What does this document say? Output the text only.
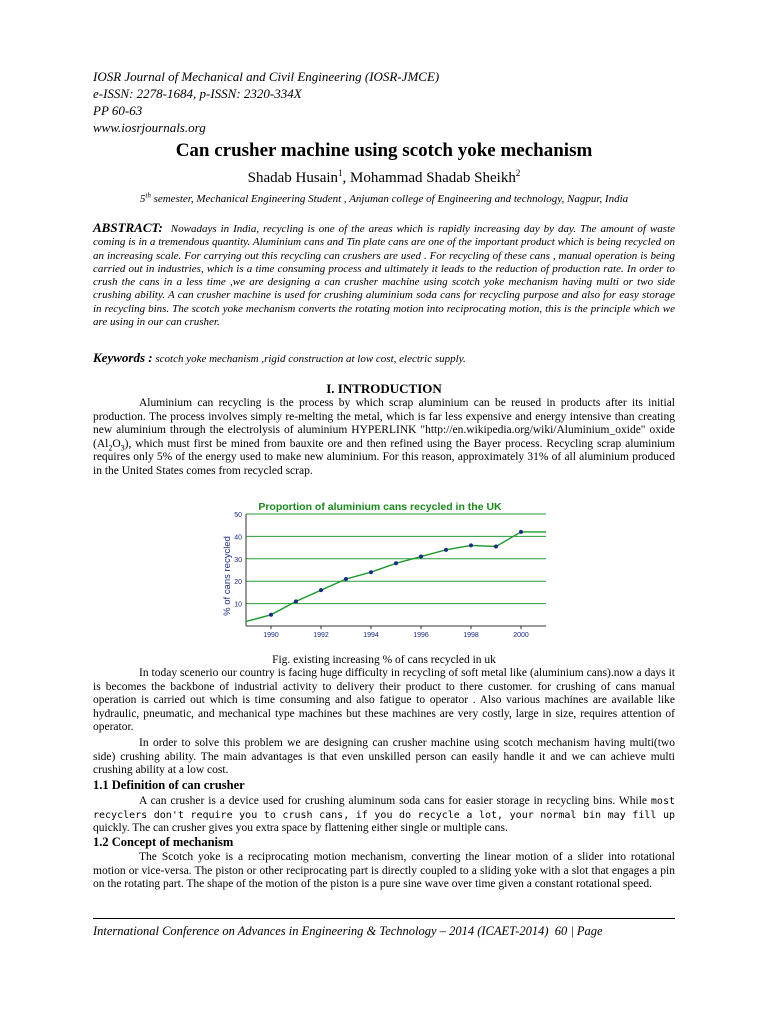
IOSR Journal of Mechanical and Civil Engineering (IOSR-JMCE)
e-ISSN: 2278-1684, p-ISSN: 2320-334X
PP 60-63
www.iosrjournals.org
Can crusher machine using scotch yoke mechanism
Shadab Husain$^1$, Mohammad Shadab Sheikh$^2$
5th semester, Mechanical Engineering Student , Anjuman college of Engineering and technology, Nagpur, India
ABSTRACT: Nowadays in India, recycling is one of the areas which is rapidly increasing day by day. The amount of waste coming is in a tremendous quantity. Aluminium cans and Tin plate cans are one of the important product which is being recycled on an increasing scale. For carrying out this recycling can crushers are used . For recycling of these cans , manual operation is being carried out in industries, which is a time consuming process and ultimately it leads to the reduction of production rate. In order to crush the cans in a less time ,we are designing a can crusher machine using scotch yoke mechanism having multi or two side crushing ability. A can crusher machine is used for crushing aluminium soda cans for recycling purpose and also for easy storage in recycling bins. The scotch yoke mechanism converts the rotating motion into reciprocating motion, this is the principle which we are using in our can crusher.
Keywords : scotch yoke mechanism ,rigid construction at low cost, electric supply.
I. INTRODUCTION
Aluminium can recycling is the process by which scrap aluminium can be reused in products after its initial production. The process involves simply re-melting the metal, which is far less expensive and energy intensive than creating new aluminium through the electrolysis of aluminium HYPERLINK "http://en.wikipedia.org/wiki/Aluminium_oxide" oxide $(Al_2O_3)$, which must first be mined from bauxite ore and then refined using the Bayer process. Recycling scrap aluminium requires only 5% of the energy used to make new aluminium. For this reason, approximately 31% of all aluminium produced in the United States comes from recycled scrap.
Proportion of aluminium cans recycled in the UK
% of cans recycled 10
20
30
40
50
1990	1992	1994	1996	1998	2000
Fig. existing increasing % of cans recycled in uk
In today scenerio our country is facing huge difficulty in recycling of soft metal like (aluminium cans).now a days it is becomes the backbone of industrial activity to delivery their product to there customer. for crushing of cans manual operation is carried out which is time consuming and also fatigue to operator . Also various machines are available like hydraulic, pneumatic, and mechanical type machines but these machines are very costly, large in size, requires attention of operator.
In order to solve this problem we are designing can crusher machine using scotch mechanism having multi(two side) crushing ability. The main advantages is that even unskilled person can easily handle it and we can achieve multi crushing ability at a low cost.
1.1 Definition of can crusher
A can crusher is a device used for crushing aluminum soda cans for easier storage in recycling bins. While most recyclers don't require you to crush cans, if you do recycle a lot, your normal bin may fill up quickly. The can crusher gives you extra space by flattening either single or multiple cans.
1.2 Concept of mechanism
The Scotch yoke is a reciprocating motion mechanism, converting the linear motion of a slider into rotational motion or vice-versa. The piston or other reciprocating part is directly coupled to a sliding yoke with a slot that engages a pin on the rotating part. The shape of the motion of the piston is a pure sine wave over time given a constant rotational speed.
International Conference on Advances in Engineering & Technology – 2014 (ICAET-2014) 60 | Page
